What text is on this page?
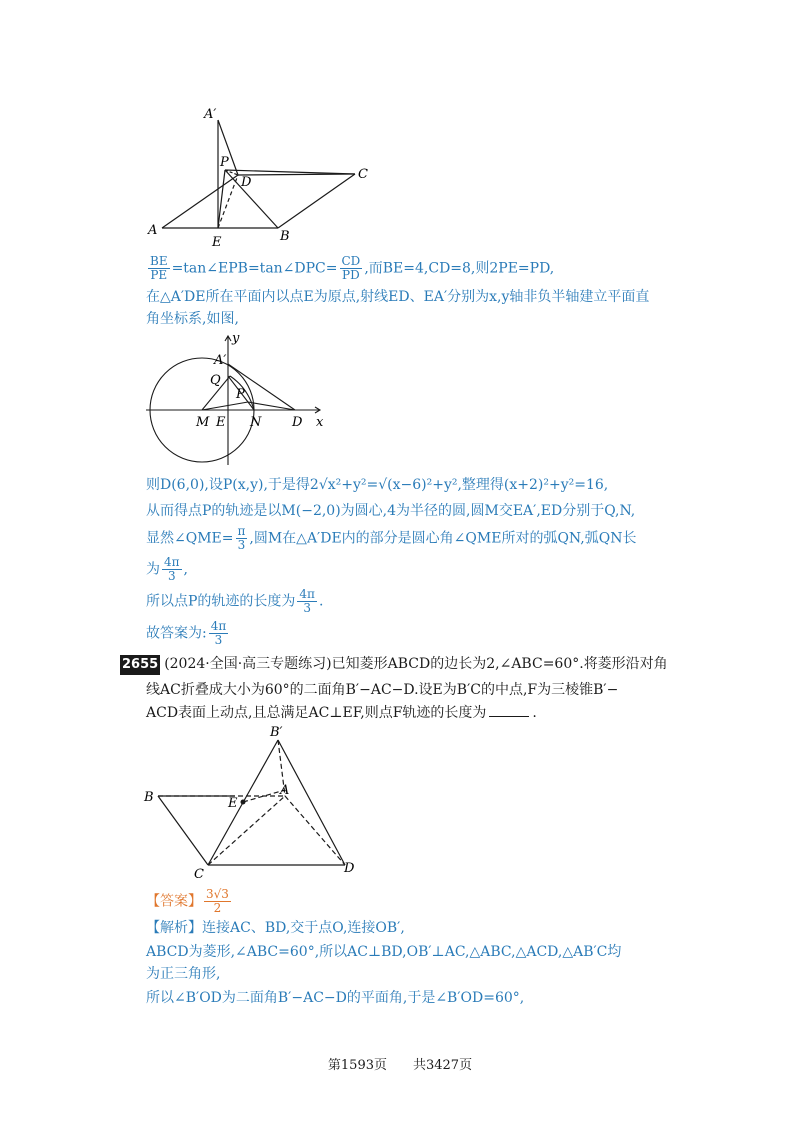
A′
P
D
C
A
E	B
$\frac{BE}{PE}$ =tan∠EPB=tan∠DPC= $\frac{CD}{PD}$ ,而BE=4,CD=8,则2PE=PD,
在△A′DE所在平面内以点E为原点,射线ED、EA′分别为x,y轴非负半轴建立平面直
角坐标系,如图,
y
A′
Q
P
M E N D x
则D(6,0),设P(x,y),于是得2√x²+y²=√(x−6)²+y²,整理得(x+2)²+y²=16,
从而得点P的轨迹是以M(−2,0)为圆心,4为半径的圆,圆M交EA′,ED分别于Q,N,
显然∠QME= $\frac{\pi}{3}$ ,圆M在△A′DE内的部分是圆心角∠QME所对的弧QN,弧QN长
为 $\frac{4\pi}{3}$ ,
所以点P的轨迹的长度为 $\frac{4\pi}{3}$ .
故答案为: $\frac{4\pi}{3}$
2655 (2024·全国·高三专题练习)已知菱形ABCD的边长为2,∠ABC=60°.将菱形沿对角
线AC折叠成大小为60°的二面角B′−AC−D.设E为B′C的中点,F为三棱锥B′−
ACD表面上动点,且总满足AC⊥EF,则点F轨迹的长度为	.
B′
B	E
A
C	D
【答案】 $\frac{3√3}{2}$
【解析】连接AC、BD,交于点O,连接OB′,
ABCD为菱形,∠ABC=60°,所以AC⊥BD,OB′⊥AC,△ABC,△ACD,△AB′C均
为正三角形,
所以∠B′OD为二面角B′−AC−D的平面角,于是∠B′OD=60°,
第1593页　　共3427页
